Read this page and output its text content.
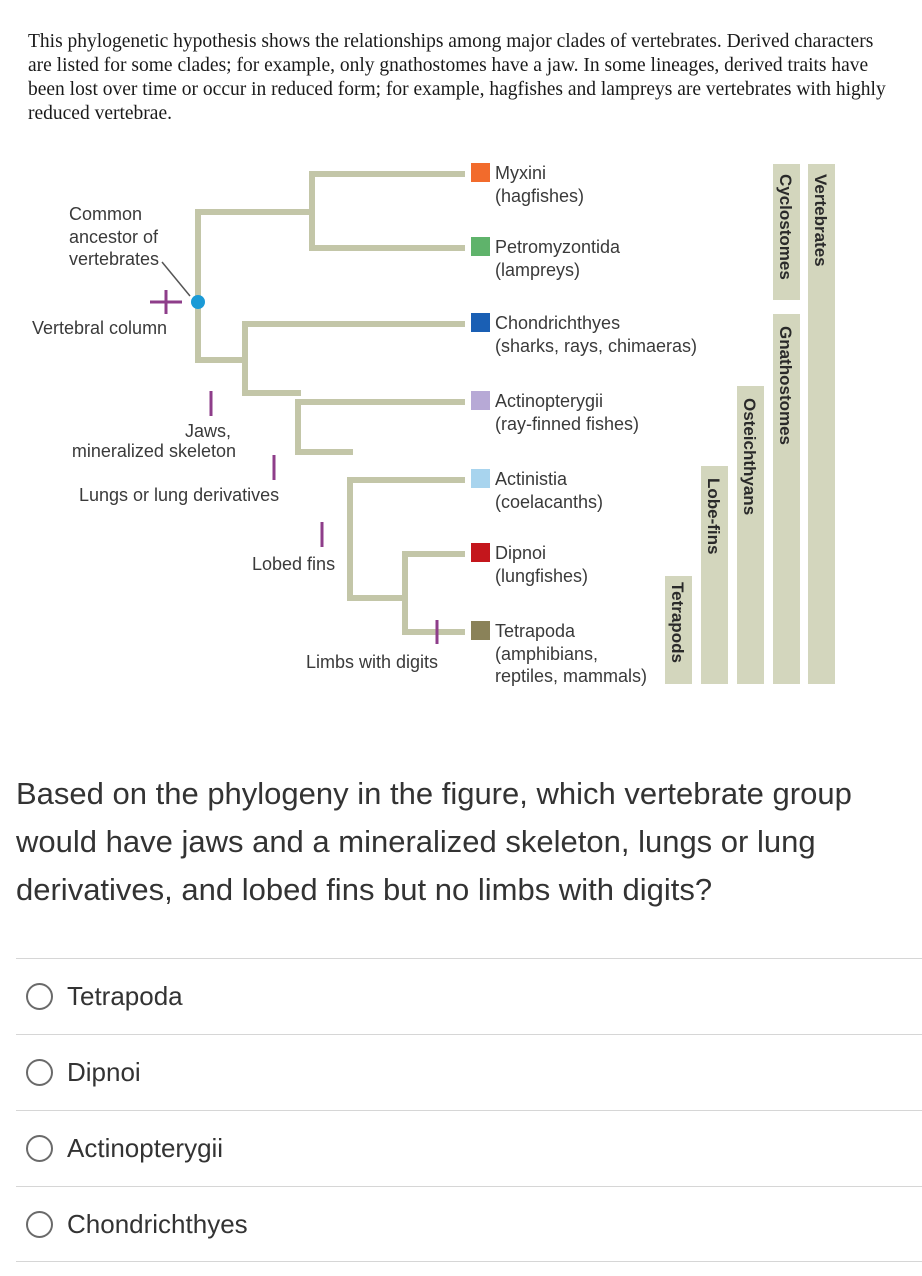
This phylogenetic hypothesis shows the relationships among major clades of vertebrates. Derived characters are listed for some clades; for example, only gnathostomes have a jaw. In some lineages, derived traits have been lost over time or occur in reduced form; for example, hagfishes and lampreys are vertebrates with highly reduced vertebrae.
Common ancestor of vertebrates
Vertebral column
Jaws, mineralized skeleton
Lungs or lung derivatives
Lobed fins
Limbs with digits
Myxini
(hagfishes)
Petromyzontida
(lampreys)
Chondrichthyes
(sharks, rays, chimaeras)
Actinopterygii
(ray-finned fishes)
Actinistia
(coelacanths)
Dipnoi
(lungfishes)
Tetrapoda
(amphibians,
reptiles, mammals)
Vertebrates
Cyclostomes
Gnathostomes
Osteichthyans
Lobe-fins
Tetrapods
Based on the phylogeny in the figure, which vertebrate group would have jaws and a mineralized skeleton, lungs or lung derivatives, and lobed fins but no limbs with digits?
Tetrapoda
Dipnoi
Actinopterygii
Chondrichthyes
